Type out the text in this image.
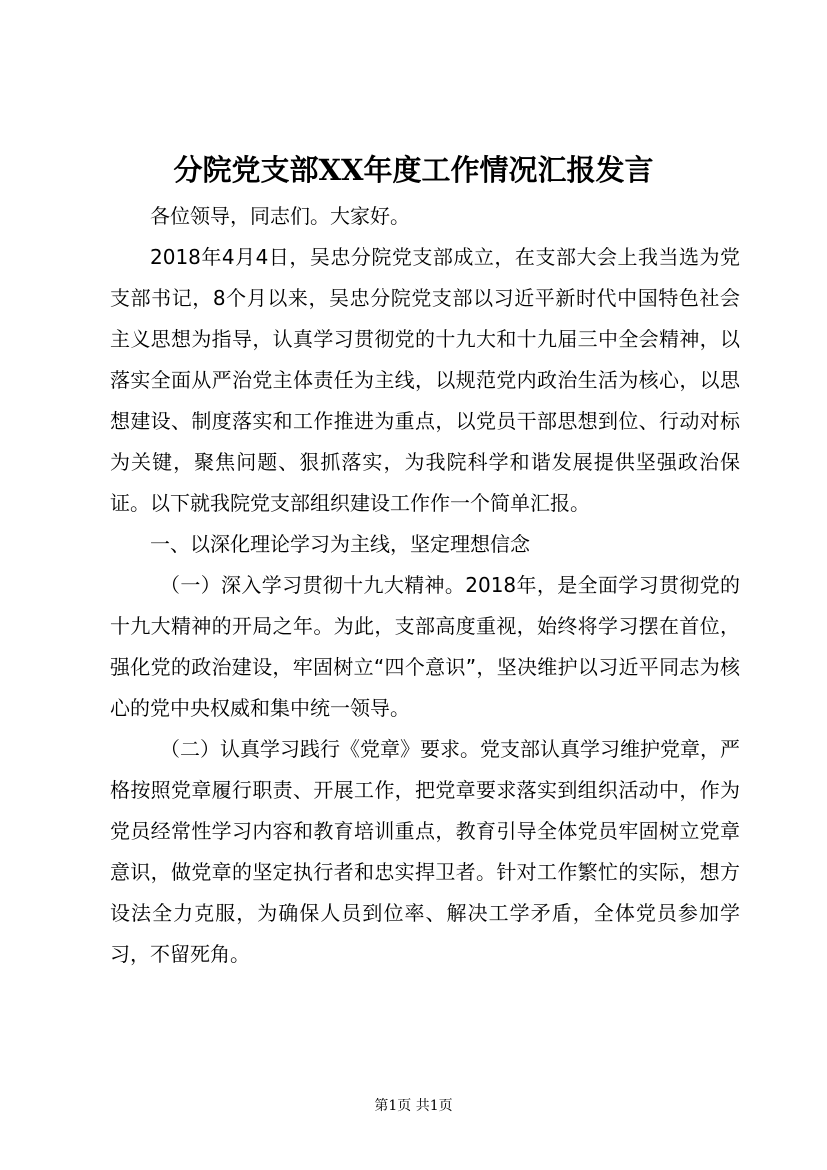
分院党支部XX年度工作情况汇报发言

各位领导，同志们。大家好。

2018年4月4日，吴忠分院党支部成立，在支部大会上我当选为党支部书记，8个月以来，吴忠分院党支部以习近平新时代中国特色社会主义思想为指导，认真学习贯彻党的十九大和十九届三中全会精神，以落实全面从严治党主体责任为主线，以规范党内政治生活为核心，以思想建设、制度落实和工作推进为重点，以党员干部思想到位、行动对标为关键，聚焦问题、狠抓落实，为我院科学和谐发展提供坚强政治保证。以下就我院党支部组织建设工作作一个简单汇报。

一、以深化理论学习为主线，坚定理想信念

（一）深入学习贯彻十九大精神。2018年，是全面学习贯彻党的十九大精神的开局之年。为此，支部高度重视，始终将学习摆在首位，强化党的政治建设，牢固树立“四个意识”，坚决维护以习近平同志为核心的党中央权威和集中统一领导。

（二）认真学习践行《党章》要求。党支部认真学习维护党章，严格按照党章履行职责、开展工作，把党章要求落实到组织活动中，作为党员经常性学习内容和教育培训重点，教育引导全体党员牢固树立党章意识，做党章的坚定执行者和忠实捍卫者。针对工作繁忙的实际，想方设法全力克服，为确保人员到位率、解决工学矛盾，全体党员参加学习，不留死角。

第1页 共1页
